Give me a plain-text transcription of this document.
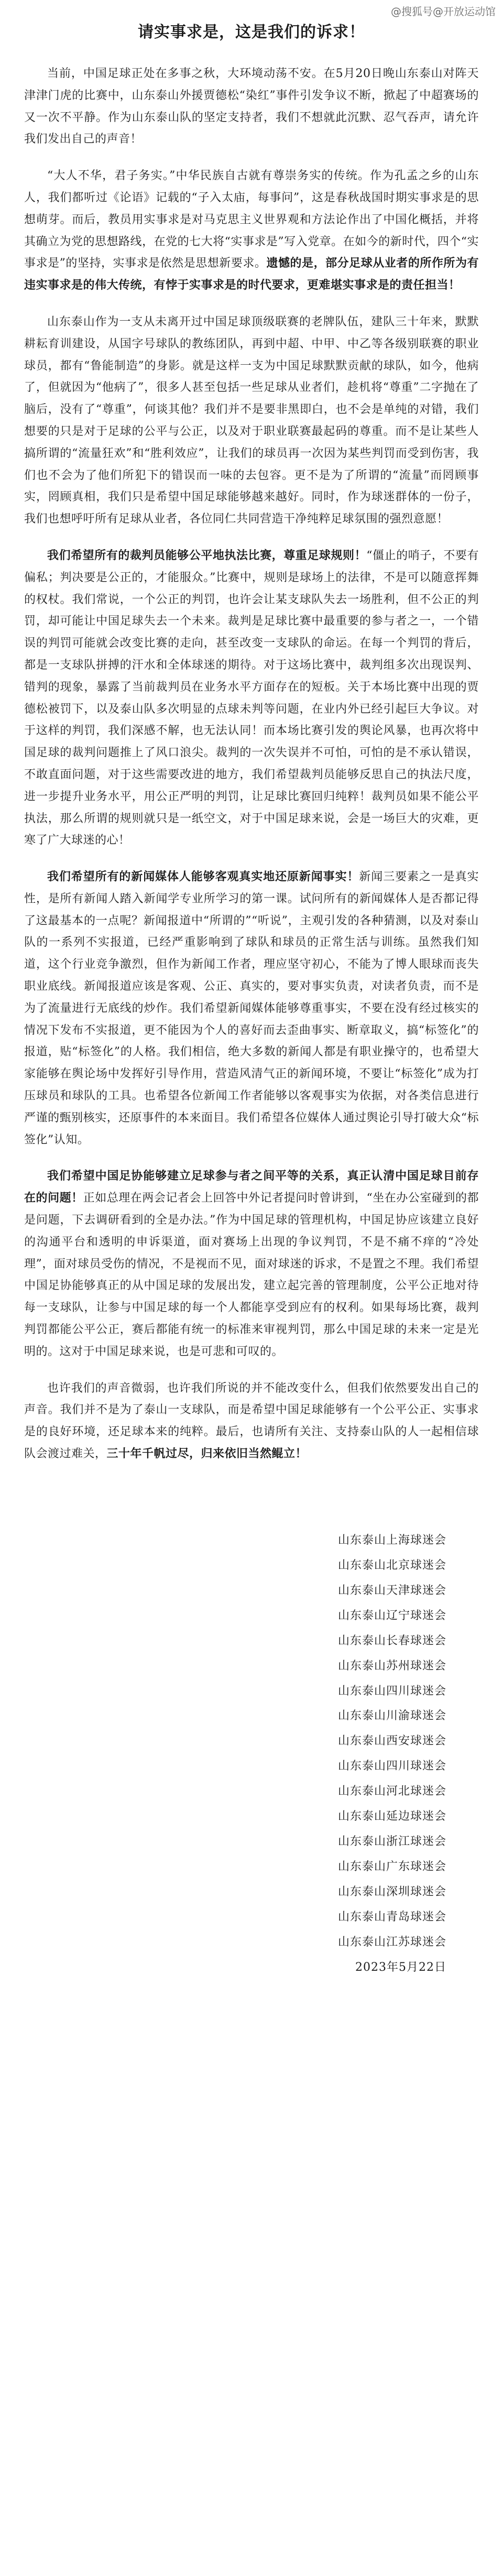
@搜狐号@开放运动馆
请实事求是，这是我们的诉求！

当前，中国足球正处在多事之秋，大环境动荡不安。在5月20日晚山东泰山对阵天津津门虎的比赛中，山东泰山外援贾德松“染红”事件引发争议不断，掀起了中超赛场的又一次不平静。作为山东泰山队的坚定支持者，我们不想就此沉默、忍气吞声，请允许我们发出自己的声音！

“大人不华，君子务实。”中华民族自古就有尊崇务实的传统。作为孔孟之乡的山东人，我们都听过《论语》记载的“子入太庙，每事问”，这是春秋战国时期实事求是的思想萌芽。而后，教员用实事求是对马克思主义世界观和方法论作出了中国化概括，并将其确立为党的思想路线，在党的七大将“实事求是”写入党章。在如今的新时代，四个“实事求是”的坚持，实事求是依然是思想新要求。遗憾的是，部分足球从业者的所作所为有违实事求是的伟大传统，有悖于实事求是的时代要求，更难堪实事求是的责任担当！

山东泰山作为一支从未离开过中国足球顶级联赛的老牌队伍，建队三十年来，默默耕耘育训建设，从国字号球队的教练团队，再到中超、中甲、中乙等各级别联赛的职业球员，都有“鲁能制造”的身影。就是这样一支为中国足球默默贡献的球队，如今，他病了，但就因为“他病了”，很多人甚至包括一些足球从业者们，趁机将“尊重”二字抛在了脑后，没有了“尊重”，何谈其他？我们并不是要非黑即白，也不会是单纯的对错，我们想要的只是对于足球的公平与公正，以及对于职业联赛最起码的尊重。而不是让某些人搞所谓的“流量狂欢”和“胜利效应”，让我们的球员再一次因为某些判罚而受到伤害，我们也不会为了他们所犯下的错误而一味的去包容。更不是为了所谓的“流量”而罔顾事实，罔顾真相，我们只是希望中国足球能够越来越好。同时，作为球迷群体的一份子，我们也想呼吁所有足球从业者，各位同仁共同营造干净纯粹足球氛围的强烈意愿！

我们希望所有的裁判员能够公平地执法比赛，尊重足球规则！“僵止的哨子，不要有偏私；判决要是公正的，才能服众。”比赛中，规则是球场上的法律，不是可以随意挥舞的权杖。我们常说，一个公正的判罚，也许会让某支球队失去一场胜利，但不公正的判罚，却可能让中国足球失去一个未来。裁判是足球比赛中最重要的参与者之一，一个错误的判罚可能就会改变比赛的走向，甚至改变一支球队的命运。在每一个判罚的背后，都是一支球队拼搏的汗水和全体球迷的期待。对于这场比赛中，裁判组多次出现误判、错判的现象，暴露了当前裁判员在业务水平方面存在的短板。关于本场比赛中出现的贾德松被罚下，以及泰山队多次明显的点球未判等问题，在业内外已经引起巨大争议。对于这样的判罚，我们深感不解，也无法认同！而本场比赛引发的舆论风暴，也再次将中国足球的裁判问题推上了风口浪尖。裁判的一次失误并不可怕，可怕的是不承认错误，不敢直面问题，对于这些需要改进的地方，我们希望裁判员能够反思自己的执法尺度，进一步提升业务水平，用公正严明的判罚，让足球比赛回归纯粹！裁判员如果不能公平执法，那么所谓的规则就只是一纸空文，对于中国足球来说，会是一场巨大的灾难，更寒了广大球迷的心！

我们希望所有的新闻媒体人能够客观真实地还原新闻事实！新闻三要素之一是真实性，是所有新闻人踏入新闻学专业所学习的第一课。试问所有的新闻媒体人是否都记得了这最基本的一点呢？新闻报道中“所谓的”“听说”，主观引发的各种猜测，以及对泰山队的一系列不实报道，已经严重影响到了球队和球员的正常生活与训练。虽然我们知道，这个行业竞争激烈，但作为新闻工作者，理应坚守初心，不能为了博人眼球而丧失职业底线。新闻报道应该是客观、公正、真实的，要对事实负责，对读者负责，而不是为了流量进行无底线的炒作。我们希望新闻媒体能够尊重事实，不要在没有经过核实的情况下发布不实报道，更不能因为个人的喜好而去歪曲事实、断章取义，搞“标签化”的报道，贴“标签化”的人格。我们相信，绝大多数的新闻人都是有职业操守的，也希望大家能够在舆论场中发挥好引导作用，营造风清气正的新闻环境，不要让“标签化”成为打压球员和球队的工具。也希望各位新闻工作者能够以客观事实为依据，对各类信息进行严谨的甄别核实，还原事件的本来面目。我们希望各位媒体人通过舆论引导打破大众“标签化”认知。

我们希望中国足协能够建立足球参与者之间平等的关系，真正认清中国足球目前存在的问题！正如总理在两会记者会上回答中外记者提问时曾讲到，“坐在办公室碰到的都是问题，下去调研看到的全是办法。”作为中国足球的管理机构，中国足协应该建立良好的沟通平台和透明的申诉渠道，面对赛场上出现的争议判罚，不是不痛不痒的“冷处理”，面对球员受伤的情况，不是视而不见，面对球迷的诉求，不是置之不理。我们希望中国足协能够真正的从中国足球的发展出发，建立起完善的管理制度，公平公正地对待每一支球队，让参与中国足球的每一个人都能享受到应有的权利。如果每场比赛，裁判判罚都能公平公正，赛后都能有统一的标准来审视判罚，那么中国足球的未来一定是光明的。这对于中国足球来说，也是可悲和可叹的。

也许我们的声音微弱，也许我们所说的并不能改变什么，但我们依然要发出自己的声音。我们并不是为了泰山一支球队，而是希望中国足球能够有一个公平公正、实事求是的良好环境，还足球本来的纯粹。最后，也请所有关注、支持泰山队的人一起相信球队会渡过难关，三十年千帆过尽，归来依旧当然鲲立！

山东泰山上海球迷会
山东泰山北京球迷会
山东泰山天津球迷会
山东泰山辽宁球迷会
山东泰山长春球迷会
山东泰山苏州球迷会
山东泰山四川球迷会
山东泰山川渝球迷会
山东泰山西安球迷会
山东泰山四川球迷会
山东泰山河北球迷会
山东泰山延边球迷会
山东泰山浙江球迷会
山东泰山广东球迷会
山东泰山深圳球迷会
山东泰山青岛球迷会
山东泰山江苏球迷会
2023年5月22日
